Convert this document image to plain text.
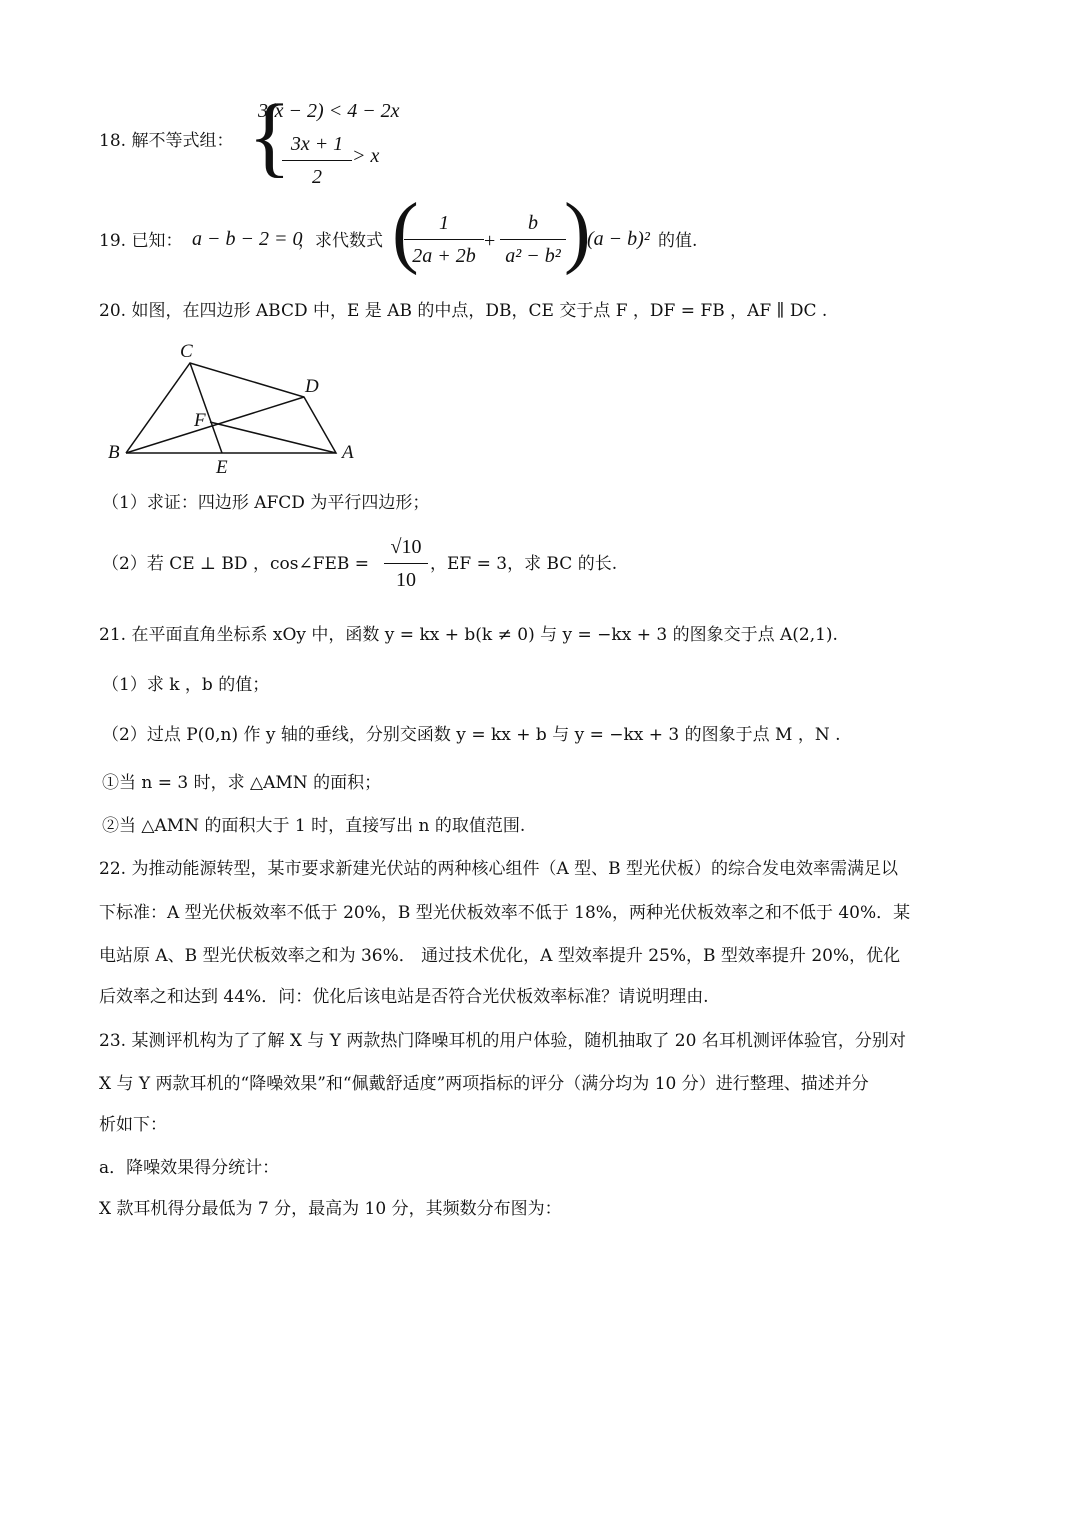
18. 解不等式组： {
3(x − 2) < 4 − 2x
3x + 1
2
> x
19. 已知： a − b − 2 = 0
，求代数式 (	1
2a + 2b
+
b
a² − b² )
·(a − b)² 的值.
20. 如图，在四边形 ABCD 中，E 是 AB 的中点，DB，CE 交于点 F ，DF = FB ，AF ∥ DC .
C
D
F
B
E
A
（1）求证：四边形 AFCD 为平行四边形；
（2）若 CE ⊥ BD ，cos∠FEB =
√10
10
，EF = 3，求 BC 的长.
21. 在平面直角坐标系 xOy 中，函数 y = kx + b(k ≠ 0) 与 y = −kx + 3 的图象交于点 A(2,1).
（1）求 k ，b 的值；
（2）过点 P(0,n) 作 y 轴的垂线，分别交函数 y = kx + b 与 y = −kx + 3 的图象于点 M ，N .
①当 n = 3 时，求 △AMN 的面积；
②当 △AMN 的面积大于 1 时，直接写出 n 的取值范围.
22. 为推动能源转型，某市要求新建光伏站的两种核心组件（A 型、B 型光伏板）的综合发电效率需满足以
下标准：A 型光伏板效率不低于 20%，B 型光伏板效率不低于 18%，两种光伏板效率之和不低于 40%．某
电站原 A、B 型光伏板效率之和为 36%． 通过技术优化，A 型效率提升 25%，B 型效率提升 20%，优化
后效率之和达到 44%．问：优化后该电站是否符合光伏板效率标准？请说明理由.
23. 某测评机构为了了解 X 与 Y 两款热门降噪耳机的用户体验，随机抽取了 20 名耳机测评体验官，分别对
X 与 Y 两款耳机的“降噪效果”和“佩戴舒适度”两项指标的评分（满分均为 10 分）进行整理、描述并分
析如下：
a．降噪效果得分统计：
X 款耳机得分最低为 7 分，最高为 10 分，其频数分布图为：
